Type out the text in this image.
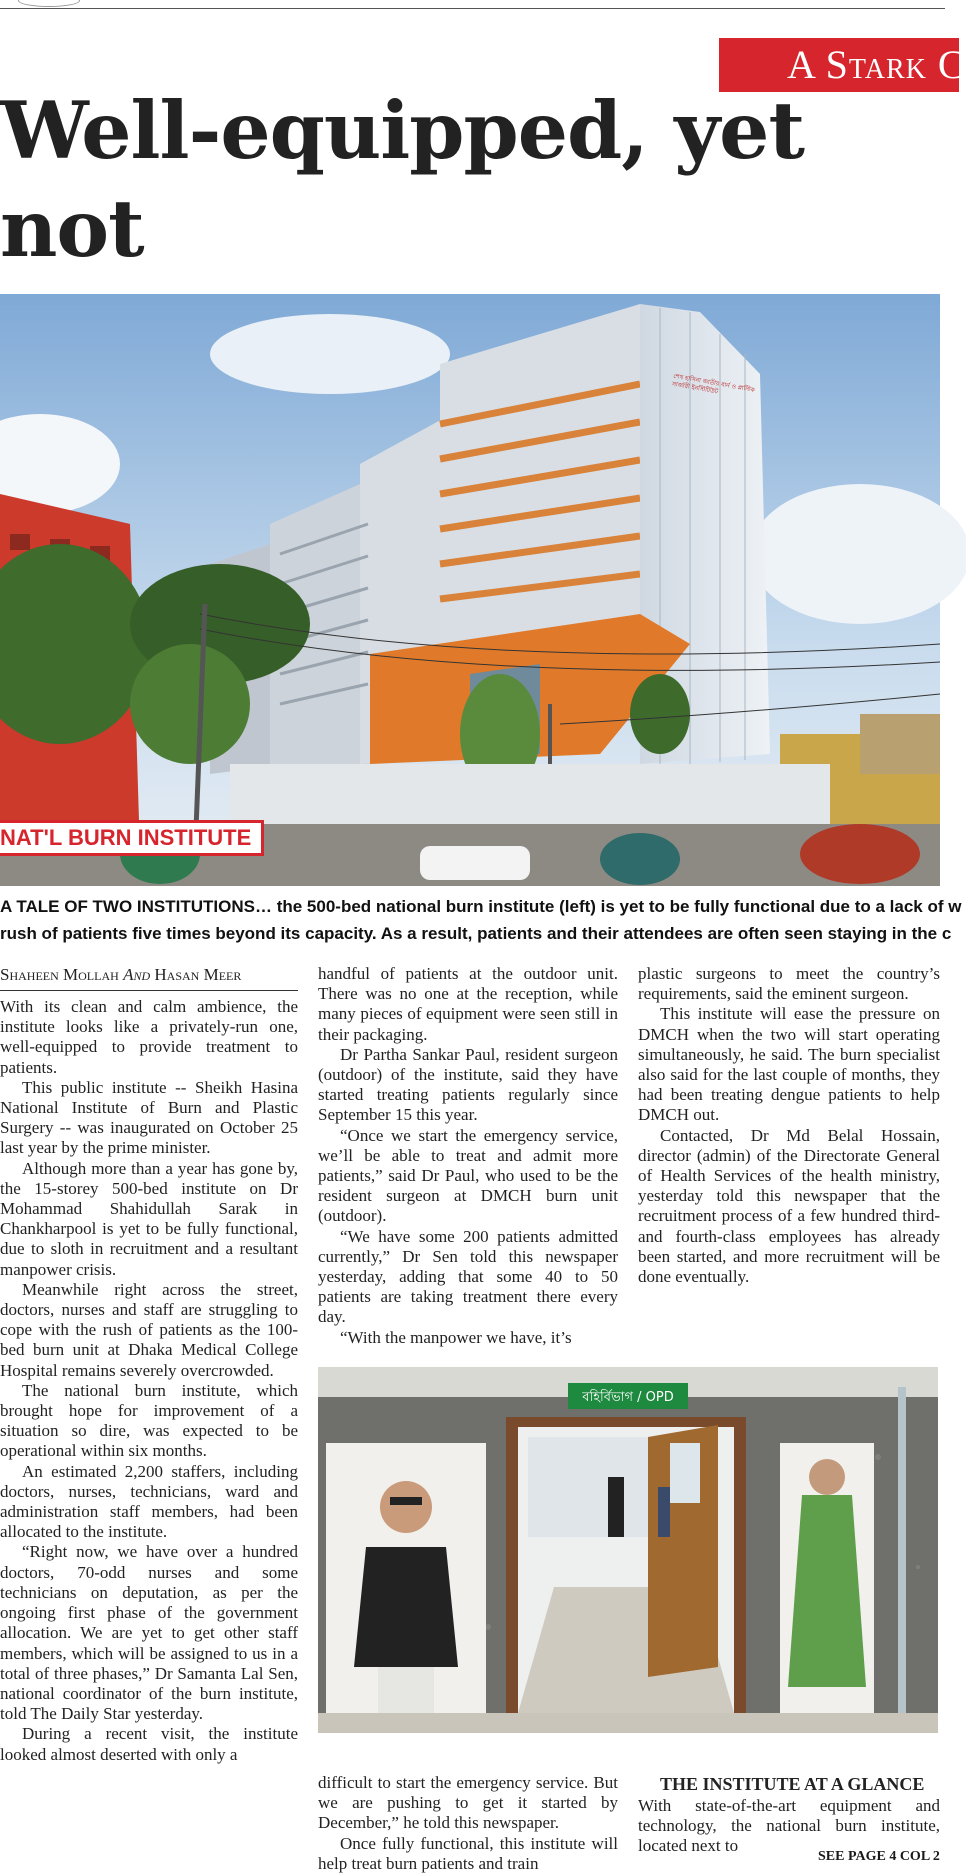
A Stark C
Well-equipped, yet not

শেখ হাসিনা জাতীয় বার্ন ও প্লাস্টিক সার্জারী ইনস্টিটিউট
NAT'L BURN INSTITUTE

A TALE OF TWO INSTITUTIONS… the 500-bed national burn institute (left) is yet to be fully functional due to a lack of w

rush of patients five times beyond its capacity. As a result, patients and their attendees are often seen staying in the c

Shaheen Mollah And Hasan Meer

With its clean and calm ambience, the institute looks like a privately-run one, well-equipped to provide treatment to patients.

This public institute -- Sheikh Hasina National Institute of Burn and Plastic Surgery -- was inaugurated on October 25 last year by the prime minister.

Although more than a year has gone by, the 15-storey 500-bed institute on Dr Mohammad Shahidullah Sarak in Chankharpool is yet to be fully functional, due to sloth in recruitment and a resultant manpower crisis.

Meanwhile right across the street, doctors, nurses and staff are struggling to cope with the rush of patients as the 100-bed burn unit at Dhaka Medical College Hospital remains severely overcrowded.

The national burn institute, which brought hope for improvement of a situation so dire, was expected to be operational within six months.

An estimated 2,200 staffers, including doctors, nurses, technicians, ward and administration staff members, had been allocated to the institute.

“Right now, we have over a hundred doctors, 70-odd nurses and some technicians on deputation, as per the ongoing first phase of the government allocation. We are yet to get other staff members, which will be assigned to us in a total of three phases,” Dr Samanta Lal Sen, national coordinator of the burn institute, told The Daily Star yesterday.

During a recent visit, the institute looked almost deserted with only a

handful of patients at the outdoor unit. There was no one at the reception, while many pieces of equipment were seen still in their packaging.

Dr Partha Sankar Paul, resident surgeon (outdoor) of the institute, said they have started treating patients regularly since September 15 this year.

“Once we start the emergency service, we’ll be able to treat and admit more patients,” said Dr Paul, who used to be the resident surgeon at DMCH burn unit (outdoor).

“We have some 200 patients admitted currently,” Dr Sen told this newspaper yesterday, adding that some 40 to 50 patients are taking treatment there every day.

“With the manpower we have, it’s

plastic surgeons to meet the country’s requirements, said the eminent surgeon.

This institute will ease the pressure on DMCH when the two will start operating simultaneously, he said. The burn specialist also said for the last couple of months, they had been treating dengue patients to help DMCH out.

Contacted, Dr Md Belal Hossain, director (admin) of the Directorate General of Health Services of the health ministry, yesterday told this newspaper that the recruitment process of a few hundred third- and fourth-class employees has already been started, and more recruitment will be done eventually.

বহির্বিভাগ / OPD

difficult to start the emergency service. But we are pushing to get it started by December,” he told this newspaper.

Once fully functional, this institute will help treat burn patients and train

THE INSTITUTE AT A GLANCE

With state-of-the-art equipment and technology, the national burn institute, located next to

SEE PAGE 4 COL 2
